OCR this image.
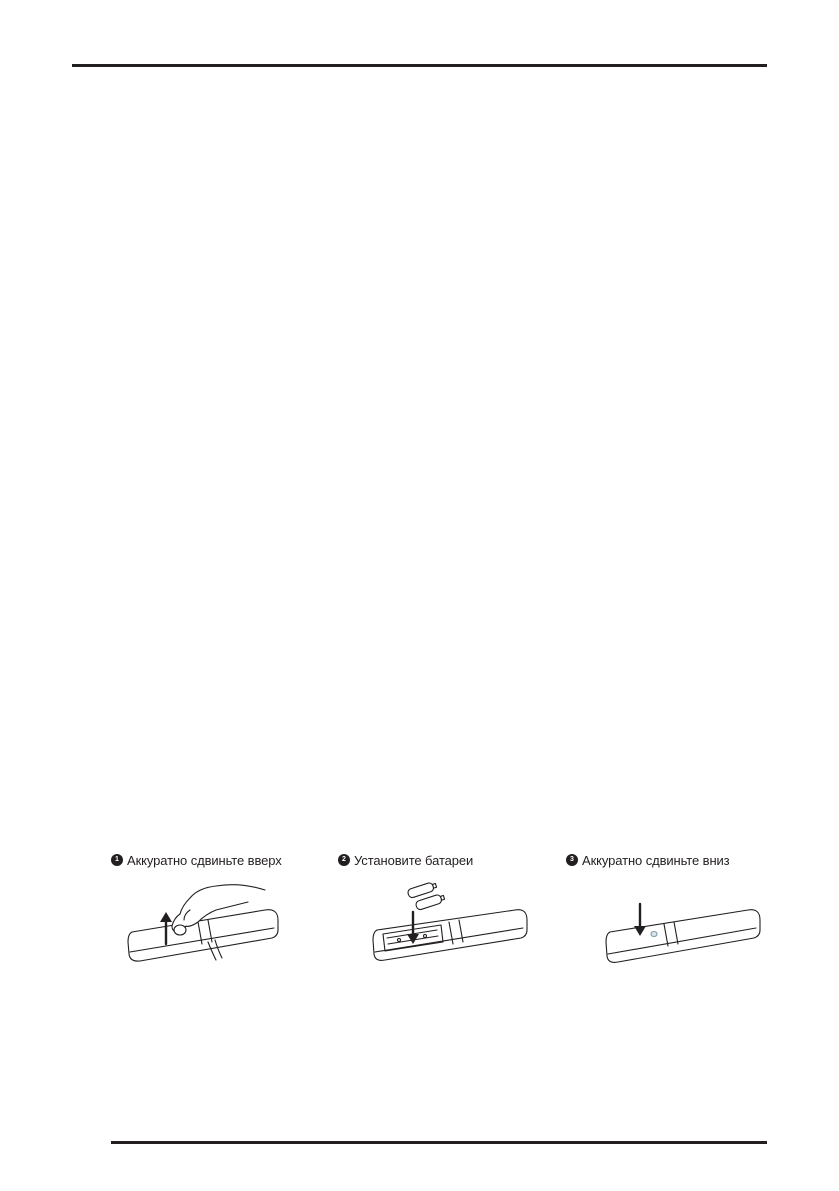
1 Аккуратно сдвиньте вверх	2 Установите батареи	3 Аккуратно сдвиньте вниз
